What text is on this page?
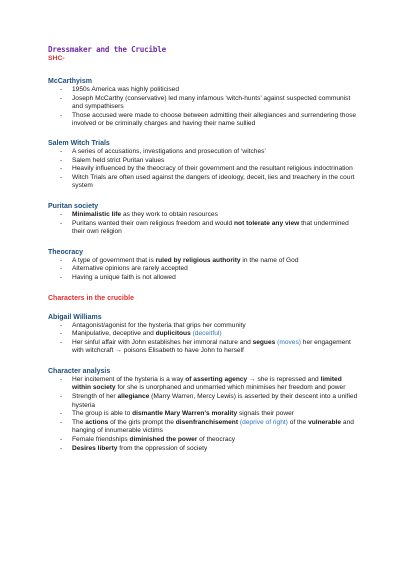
Dressmaker and the Crucible
SHC-
McCarthyism
- 1950s America was highly politicised
- Joseph McCarthy (conservative) led many infamous ‘witch-hunts’ against suspected communist and sympathisers
- Those accused were made to choose between admitting their allegiances and surrendering those involved or be criminally charges and having their name sullied
Salem Witch Trials
- A series of accusations, investigations and prosecution of ‘witches’
- Salem held strict Puritan values
- Heavily influenced by the theocracy of their government and the resultant religious indoctrination
- Witch Trials are often used against the dangers of ideology, deceit, lies and treachery in the court system
Puritan society
- Minimalistic life as they work to obtain resources
- Puritans wanted their own religious freedom and would not tolerate any view that undermined their own religion
Theocracy
- A type of government that is ruled by religious authority in the name of God
- Alternative opinions are rarely accepted
- Having a unique faith is not allowed
Characters in the crucible
Abigail Williams
- Antagonist/agonist for the hysteria that grips her community
- Manipulative, deceptive and duplicitous (deceitful)
- Her sinful affair with John establishes her immoral nature and segues (moves) her engagement with witchcraft → poisons Elisabeth to have John to herself
Character analysis
- Her incitement of the hysteria is a way of asserting agency → she is repressed and limited within society for she is unorphaned and unmarried which minimises her freedom and power
- Strength of her allegiance (Marry Warren, Mercy Lewis) is asserted by their descent into a unified hysteria
- The group is able to dismantle Mary Warren’s morality signals their power
- The actions of the girls prompt the disenfranchisement (deprive of right) of the vulnerable and hanging of innumerable victims
- Female friendships diminished the power of theocracy
- Desires liberty from the oppression of society
